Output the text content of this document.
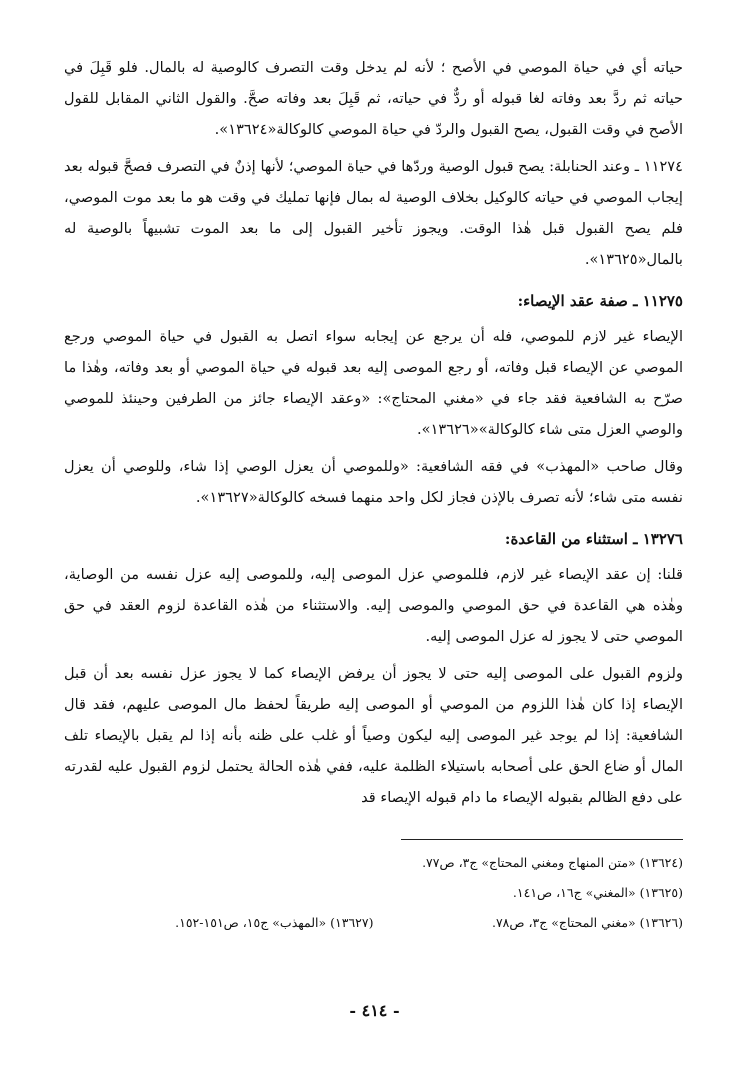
حياته أي في حياة الموصي في الأصح ؛ لأنه لم يدخل وقت التصرف كالوصية له بالمال. فلو قَبِلَ في حياته ثم ردَّ بعد وفاته لغا قبوله أو ردٌّ في حياته، ثم قَبِلَ بعد وفاته صحَّ. والقول الثاني المقابل للقول الأصح في وقت القبول، يصح القبول والردّ في حياة الموصي كالوكالة«١٣٦٢٤».

١١٢٧٤ ـ وعند الحنابلة: يصح قبول الوصية وردّها في حياة الموصي؛ لأنها إذنٌ في التصرف فصحَّ قبوله بعد إيجاب الموصي في حياته كالوكيل بخلاف الوصية له بمال فإنها تمليك في وقت هو ما بعد موت الموصي، فلم يصح القبول قبل هٰذا الوقت. ويجوز تأخير القبول إلى ما بعد الموت تشبيهاً بالوصية له بالمال«١٣٦٢٥».

١١٢٧٥ ـ صفة عقد الإيصاء:

الإيصاء غير لازم للموصي، فله أن يرجع عن إيجابه سواء اتصل به القبول في حياة الموصي ورجع الموصي عن الإيصاء قبل وفاته، أو رجع الموصى إليه بعد قبوله في حياة الموصي أو بعد وفاته، وهٰذا ما صرّح به الشافعية فقد جاء في «مغني المحتاج»: «وعقد الإيصاء جائز من الطرفين وحينئذ للموصي والوصي العزل متى شاء كالوكالة»«١٣٦٢٦».

وقال صاحب «المهذب» في فقه الشافعية: «وللموصي أن يعزل الوصي إذا شاء، وللوصي أن يعزل نفسه متى شاء؛ لأنه تصرف بالإذن فجاز لكل واحد منهما فسخه كالوكالة«١٣٦٢٧».

١٣٢٧٦ ـ استثناء من القاعدة:

قلنا: إن عقد الإيصاء غير لازم، فللموصي عزل الموصى إليه، وللموصى إليه عزل نفسه من الوصاية، وهٰذه هي القاعدة في حق الموصي والموصى إليه. والاستثناء من هٰذه القاعدة لزوم العقد في حق الموصي حتى لا يجوز له عزل الموصى إليه.

ولزوم القبول على الموصى إليه حتى لا يجوز أن يرفض الإيصاء كما لا يجوز عزل نفسه بعد أن قبل الإيصاء إذا كان هٰذا اللزوم من الموصي أو الموصى إليه طريقاً لحفظ مال الموصى عليهم، فقد قال الشافعية: إذا لم يوجد غير الموصى إليه ليكون وصياً أو غلب على ظنه بأنه إذا لم يقبل بالإيصاء تلف المال أو ضاع الحق على أصحابه باستيلاء الظلمة عليه، ففي هٰذه الحالة يحتمل لزوم القبول عليه لقدرته على دفع الظالم بقبوله الإيصاء ما دام قبوله الإيصاء قد

(١٣٦٢٤) «متن المنهاج ومغني المحتاج» ج٣، ص٧٧.
(١٣٦٢٥) «المغني» ج١٦، ص١٤١.
(١٣٦٢٦) «مغني المحتاج» ج٣، ص٧٨.
(١٣٦٢٧) «المهذب» ج١٥، ص١٥١-١٥٢.
- ٤١٤ -
